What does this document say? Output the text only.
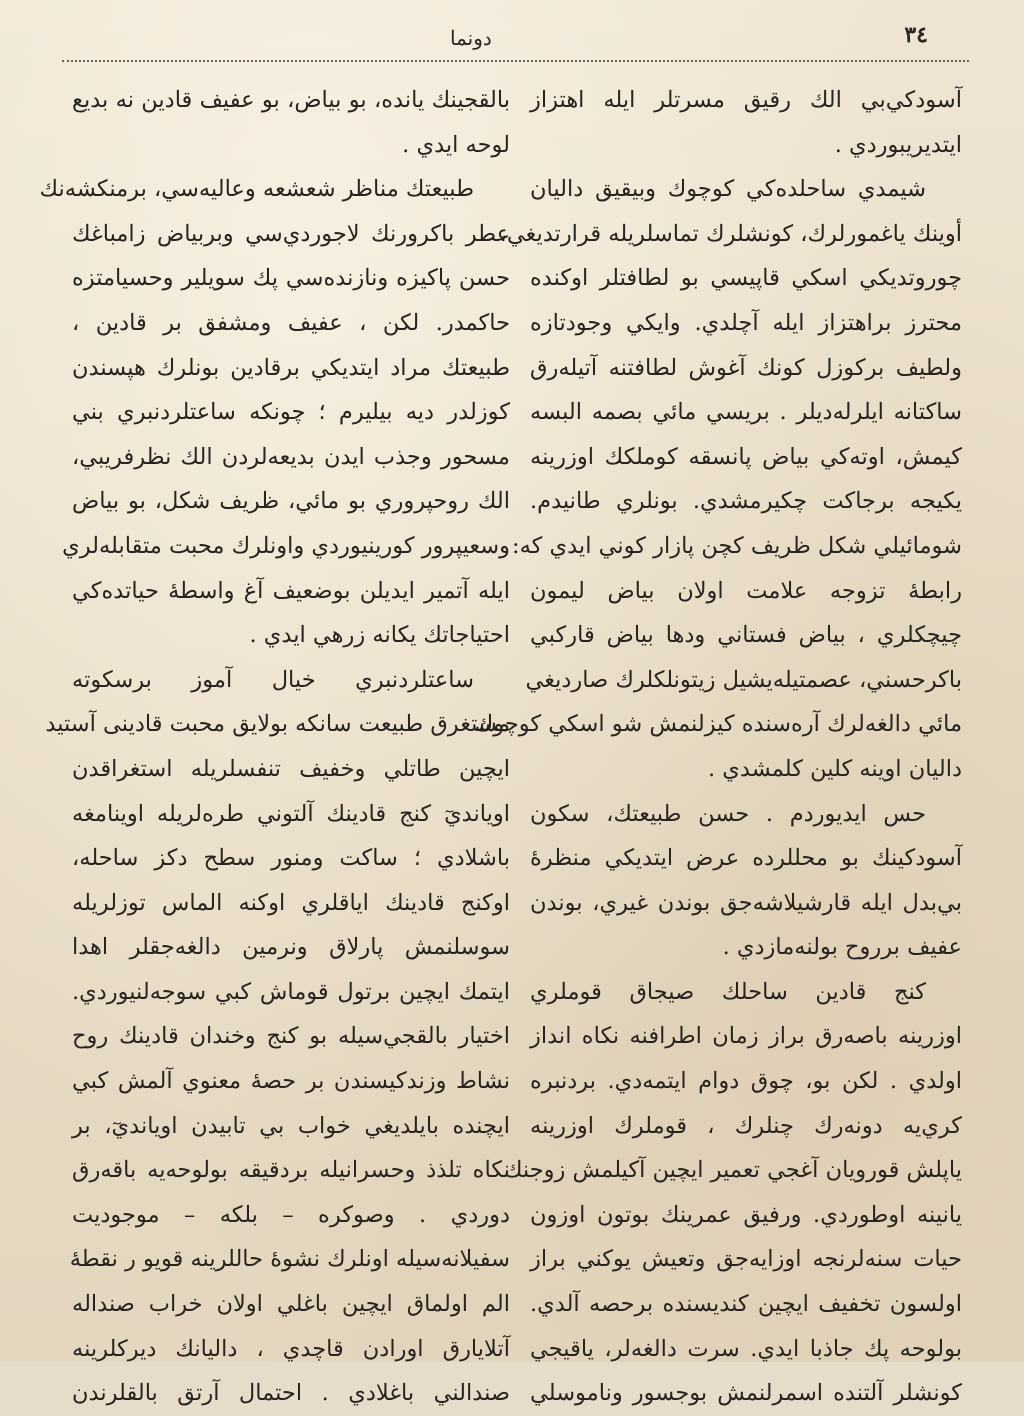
٣٤
دونما
آسودكي‌بي الك رقيق مسرتلر ايله اهتزاز
ايتديريبوردي .
شيمدي ساحلده‌كي كوچوك وبيقيق داليان
أوينك ياغمورلرك، كونشلرك تماسلريله قرارتديغي،
چوروتديكي اسكي قاپيسي بو لطافتلر اوكنده
محترز براهتزاز ايله آچلدي. وايكي وجودتازه
ولطيف بركوزل كونك آغوش لطافتنه آتيله‌رق
ساكتانه ايلرله‌ديلر . بريسي مائي بصمه البسه
كيمش، اوته‌كي بياض پانسقه كوملكك اوزرينه
يكيجه برجاكت چكيرمشدي. بونلري طانيدم.
شومائيلي شكل ظريف كچن پازار كوني ايدي كه:
رابطهٔ تزوجه علامت اولان بياض ليمون
چيچكلري ، بياض فستاني ودها بياض قاركبي
باكرحسني، عصمتيله‌يشيل زيتونلكلرك صارديغي
مائي دالغه‌لرك آره‌سنده كيزلنمش شو اسكي كوچوك
داليان اوينه كلين كلمشدي .
حس ايديوردم . حسن طبيعتك، سكون
آسودكينك بو محللرده عرض ايتديكي منظرهٔ
بي‌بدل ايله قارشيلاشه‌جق بوندن غيري، بوندن
عفيف برروح بولنه‌مازدي .
كنج قادين ساحلك صيجاق قوملري
اوزرينه باصه‌رق براز زمان اطرافنه نكاه انداز
اولدي . لكن بو، چوق دوام ايتمه‌دي. بردنبره
كري‌يه دونه‌رك چنلرك ، قوملرك اوزرينه
ياپلش قورويان آغجي تعمير ايچين آكيلمش زوجنك
يانينه اوطوردي. ورفيق عمرينك بوتون اوزون
حيات سنه‌لرنجه اوزايه‌جق وتعيش يوكني براز
اولسون تخفيف ايچين كنديسنده برحصه آلدي.
بولوحه پك جاذبا ايدي. سرت دالغه‌لر، ياقيجي
كونشلر آلتنده اسمرلنمش بوجسور وناموسلي
بالقجينك يانده، بو بياض، بو عفيف قادين نه بديع
لوحه ايدي .
طبيعتك مناظر شعشعه وعاليه‌سي، برمنكشه‌نك
عطر باكرورنك لاجوردي‌سي وبربياض زامباغك
حسن پاكيزه ونازنده‌سي پك سويلير وحسيامتزه
حاكمدر. لكن ، عفيف ومشفق بر قادين ،
طبيعتك مراد ايتديكي برقادين بونلرك هپسندن
كوزلدر ديه بيليرم ؛ چونكه ساعتلردنبري بني
مسحور وجذب ايدن بديعه‌لردن الك نظرفريبي،
الك روحپروري بو مائي، ظريف شكل، بو بياض
وسعيپرور كورينيوردي واونلرك محبت متقابله‌لري
ايله آتمير ايديلن بوضعيف آغ واسطهٔ حياتده‌كي
احتياجاتك يكانه زرهي ايدي .
ساعتلردنبري خيال آموز برسكوته
مستغرق طبيعت سانكه بولايق محبت قادينى آستيد
ايچين طاتلي وخفيف تنفسلريله استغراقدن
اويانديٓ كنج قادينك آلتوني طره‌لريله اوينامغه
باشلادي ؛ ساكت ومنور سطح دكز ساحله،
اوكنج قادينك اياقلري اوكنه الماس توزلريله
سوسلنمش پارلاق ونرمين دالغه‌جقلر اهدا
ايتمك ايچين برتول قوماش كبي سوجه‌لنيوردي.
اختيار بالقجي‌سيله بو كنج وخندان قادينك روح
نشاط وزندكيسندن بر حصهٔ معنوي آلمش كبي
ايچنده بايلديغي خواب بي تابيدن اويانديٓ، بر
نكاه تلذذ وحسرانيله بردقيقه بولوحه‌يه باقه‌رق
دوردي . وصوكره – بلكه – موجوديت
سفيلانه‌سيله اونلرك نشوهٔ حاللرينه قويو ر نقطهٔ
الم اولماق ايچين باغلي اولان خراب صنداله
آتلايارق اورادن قاچدي ، داليانك ديركلرينه
صندالني باغلادي . احتمال آرتق بالقلرندن
